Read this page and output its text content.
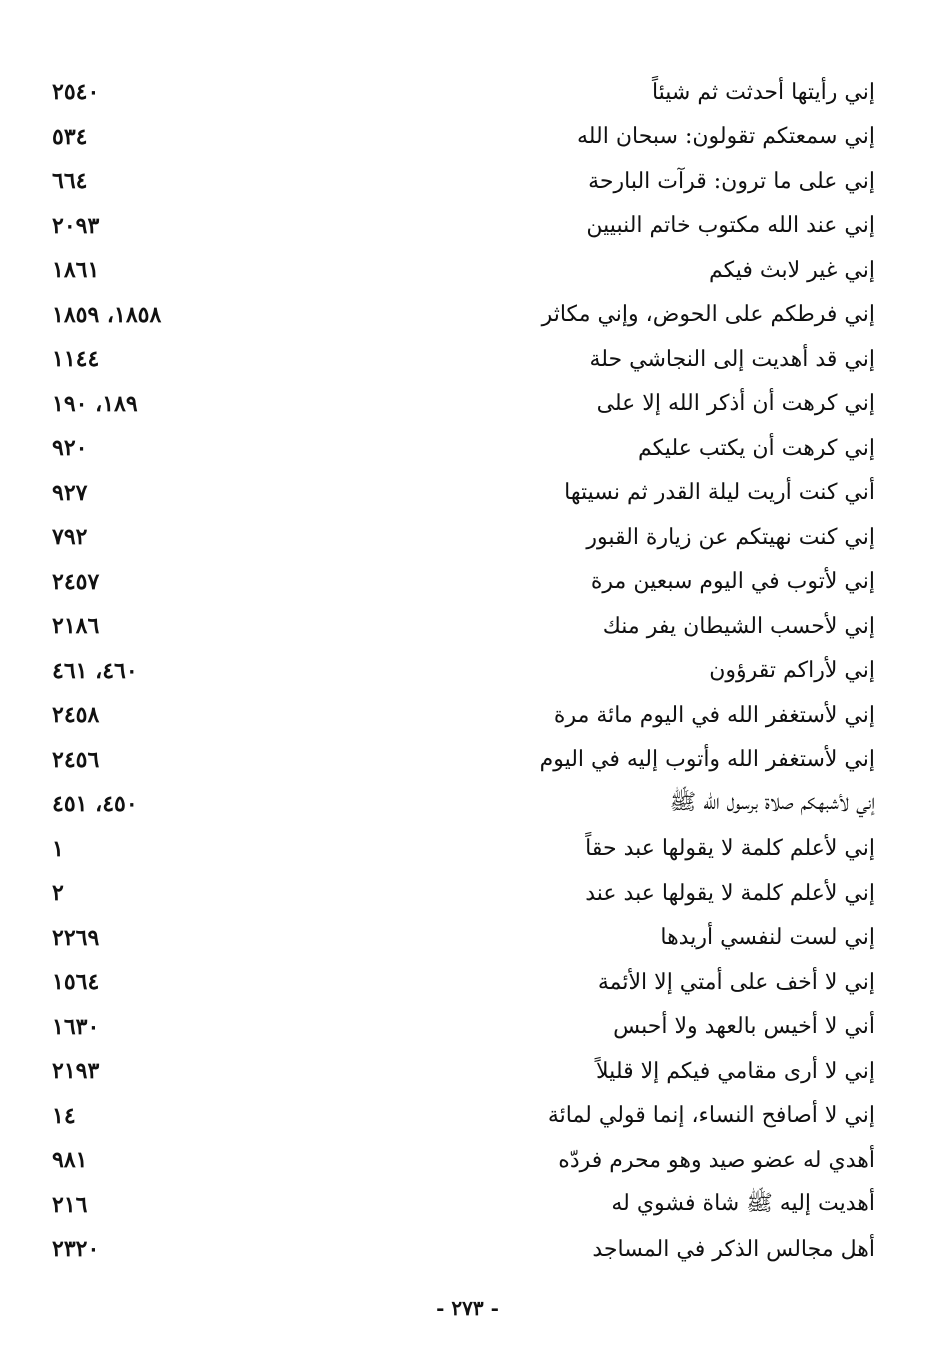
٢٥٤٠	إني رأيتها أحدثت ثم شيئاً
٥٣٤	إني سمعتكم تقولون: سبحان الله
٦٦٤	إني على ما ترون: قرآت البارحة
٢٠٩٣	إني عند الله مكتوب خاتم النبيين
١٨٦١	إني غير لابث فيكم
١٨٥٨، ١٨٥٩	إني فرطكم على الحوض، وإني مكاثر
١١٤٤	إني قد أهديت إلى النجاشي حلة
١٨٩، ١٩٠	إني كرهت أن أذكر الله إلا على
٩٢٠	إني كرهت أن يكتب عليكم
٩٢٧	أني كنت أريت ليلة القدر ثم نسيتها
٧٩٢	إني كنت نهيتكم عن زيارة القبور
٢٤٥٧	إني لأتوب في اليوم سبعين مرة
٢١٨٦	إني لأحسب الشيطان يفر منك
٤٦٠، ٤٦١	إني لأراكم تقرؤون
٢٤٥٨	إني لأستغفر الله في اليوم مائة مرة
٢٤٥٦	إني لأستغفر الله وأتوب إليه في اليوم
٤٥٠، ٤٥١	إني لأشبهكم صلاة برسول الله ﷺ
١	إني لأعلم كلمة لا يقولها عبد حقاً
٢	إني لأعلم كلمة لا يقولها عبد عند
٢٢٦٩	إني لست لنفسي أريدها
١٥٦٤	إني لا أخف على أمتي إلا الأئمة
١٦٣٠	أني لا أخيس بالعهد ولا أحبس
٢١٩٣	إني لا أرى مقامي فيكم إلا قليلاً
١٤	إني لا أصافح النساء، إنما قولي لمائة
٩٨١	أهدي له عضو صيد وهو محرم فردّه
٢١٦	أهديت إليه ﷺ شاة فشوي له
٢٣٢٠	أهل مجالس الذكر في المساجد
- ٢٧٣ -
